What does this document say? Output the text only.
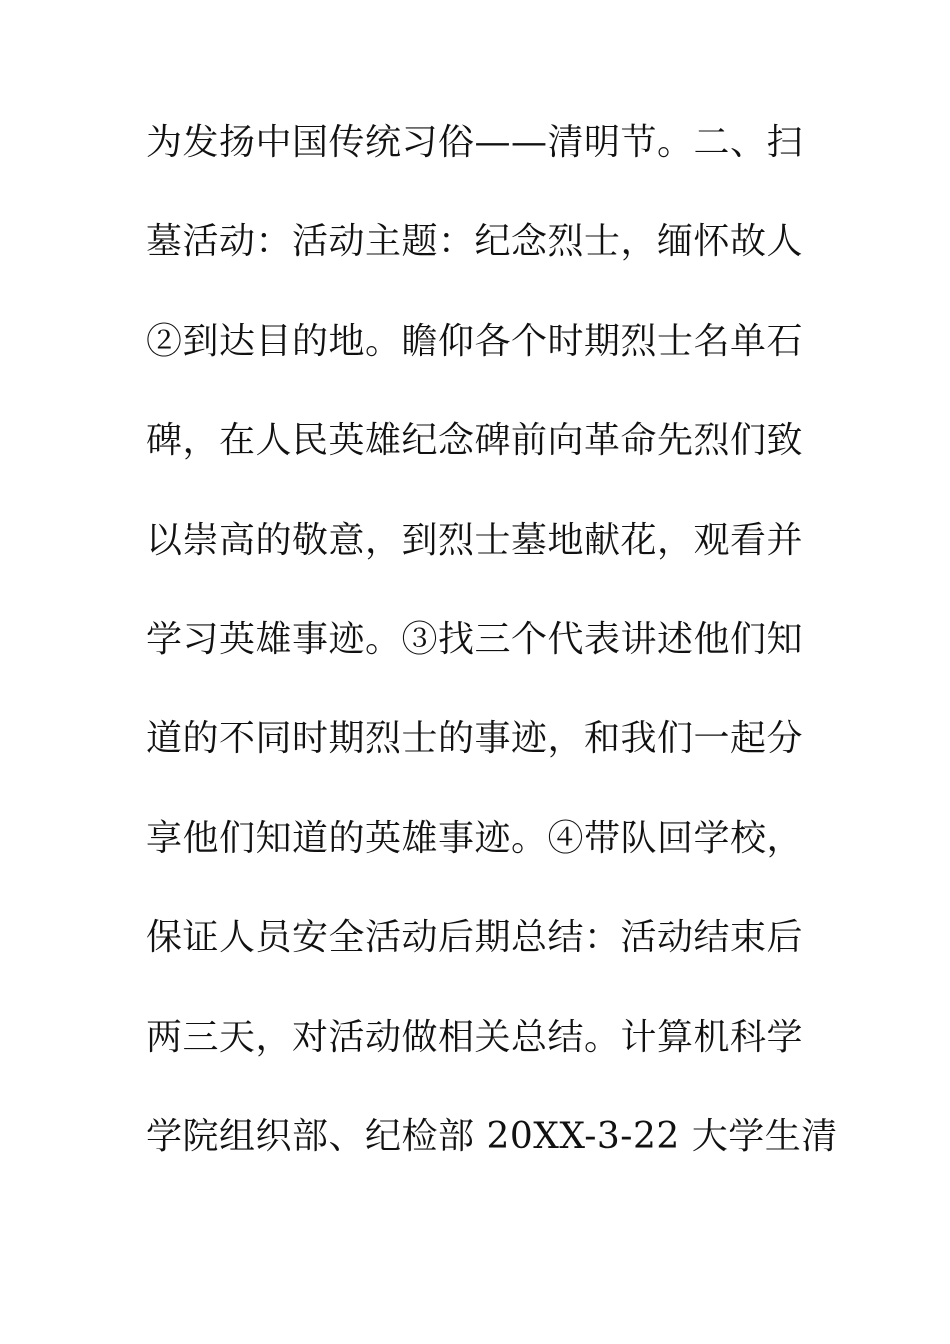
为发扬中国传统习俗——清明节。二、扫

墓活动：活动主题：纪念烈士，缅怀故人

②到达目的地。瞻仰各个时期烈士名单石

碑，在人民英雄纪念碑前向革命先烈们致

以崇高的敬意，到烈士墓地献花，观看并

学习英雄事迹。③找三个代表讲述他们知

道的不同时期烈士的事迹，和我们一起分

享他们知道的英雄事迹。④带队回学校，

保证人员安全活动后期总结：活动结束后

两三天，对活动做相关总结。计算机科学

学院组织部、纪检部 20XX-3-22 大学生清
